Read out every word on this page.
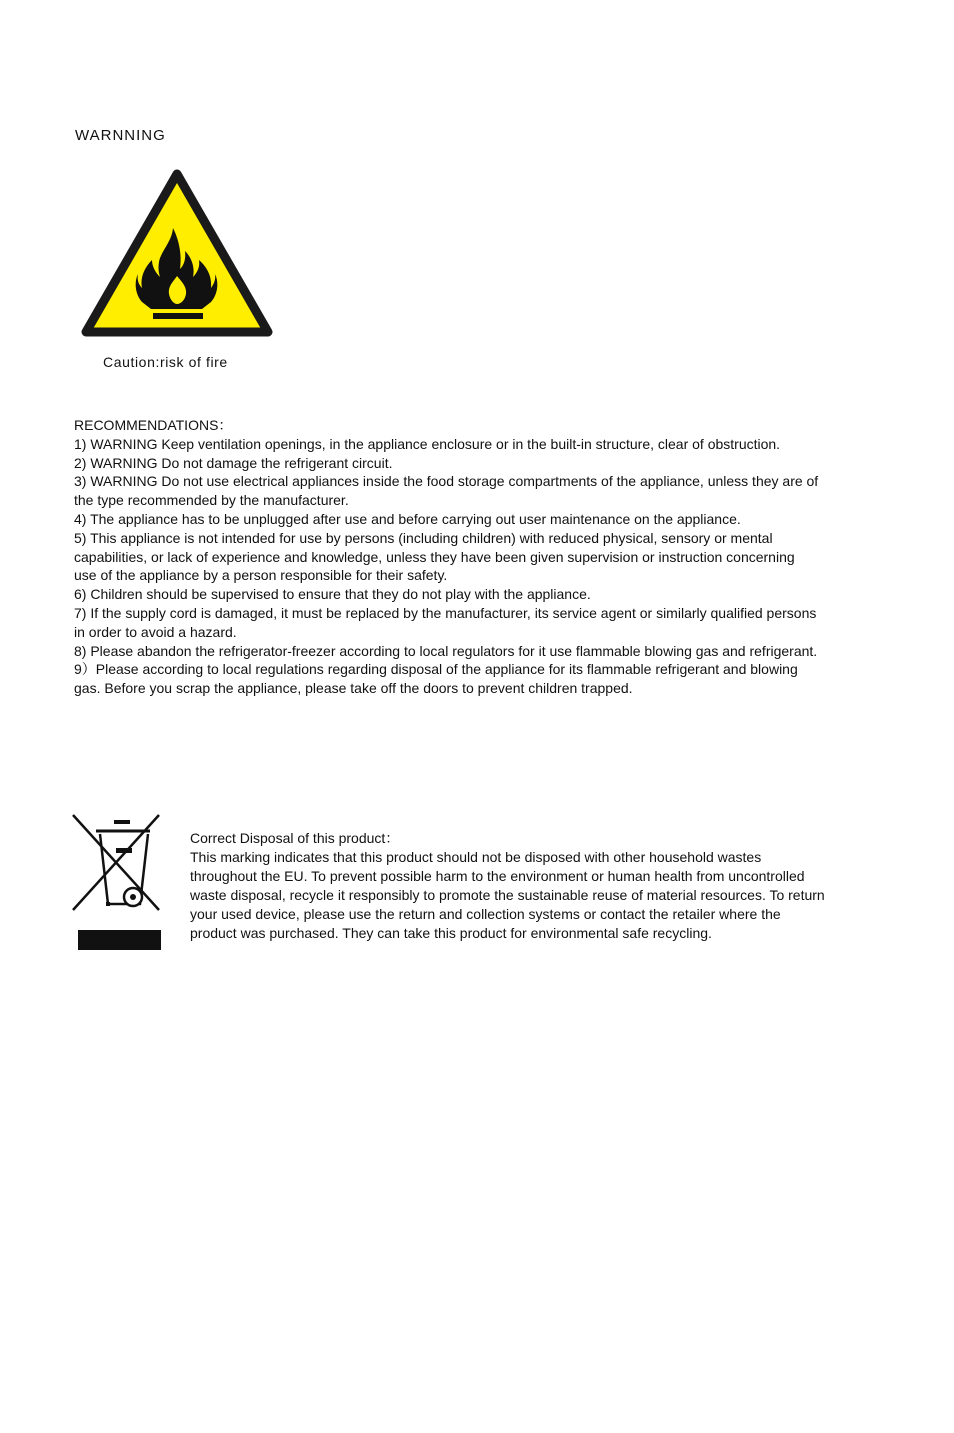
WARNNING
Caution:risk of fire

RECOMMENDATIONS：

1) WARNING Keep ventilation openings, in the appliance enclosure or in the built-in structure, clear of obstruction.

2) WARNING Do not damage the refrigerant circuit.

3) WARNING Do not use electrical appliances inside the food storage compartments of the appliance, unless they are of the type recommended by the manufacturer.

4) The appliance has to be unplugged after use and before carrying out user maintenance on the appliance.

5) This appliance is not intended for use by persons (including children) with reduced physical, sensory or mental capabilities, or lack of experience and knowledge, unless they have been given supervision or instruction concerning use of the appliance by a person responsible for their safety.

6) Children should be supervised to ensure that they do not play with the appliance.

7) If the supply cord is damaged, it must be replaced by the manufacturer, its service agent or similarly qualified persons in order to avoid a hazard.

8) Please abandon the refrigerator-freezer according to local regulators for it use flammable blowing gas and refrigerant.

9）Please according to local regulations regarding disposal of the appliance for its flammable refrigerant and blowing gas. Before you scrap the appliance, please take off the doors to prevent children trapped.

Correct Disposal of this product：

This marking indicates that this product should not be disposed with other household wastes throughout the EU. To prevent possible harm to the environment or human health from uncontrolled waste disposal, recycle it responsibly to promote the sustainable reuse of material resources. To return your used device, please use the return and collection systems or contact the retailer where the product was purchased. They can take this product for environmental safe recycling.
